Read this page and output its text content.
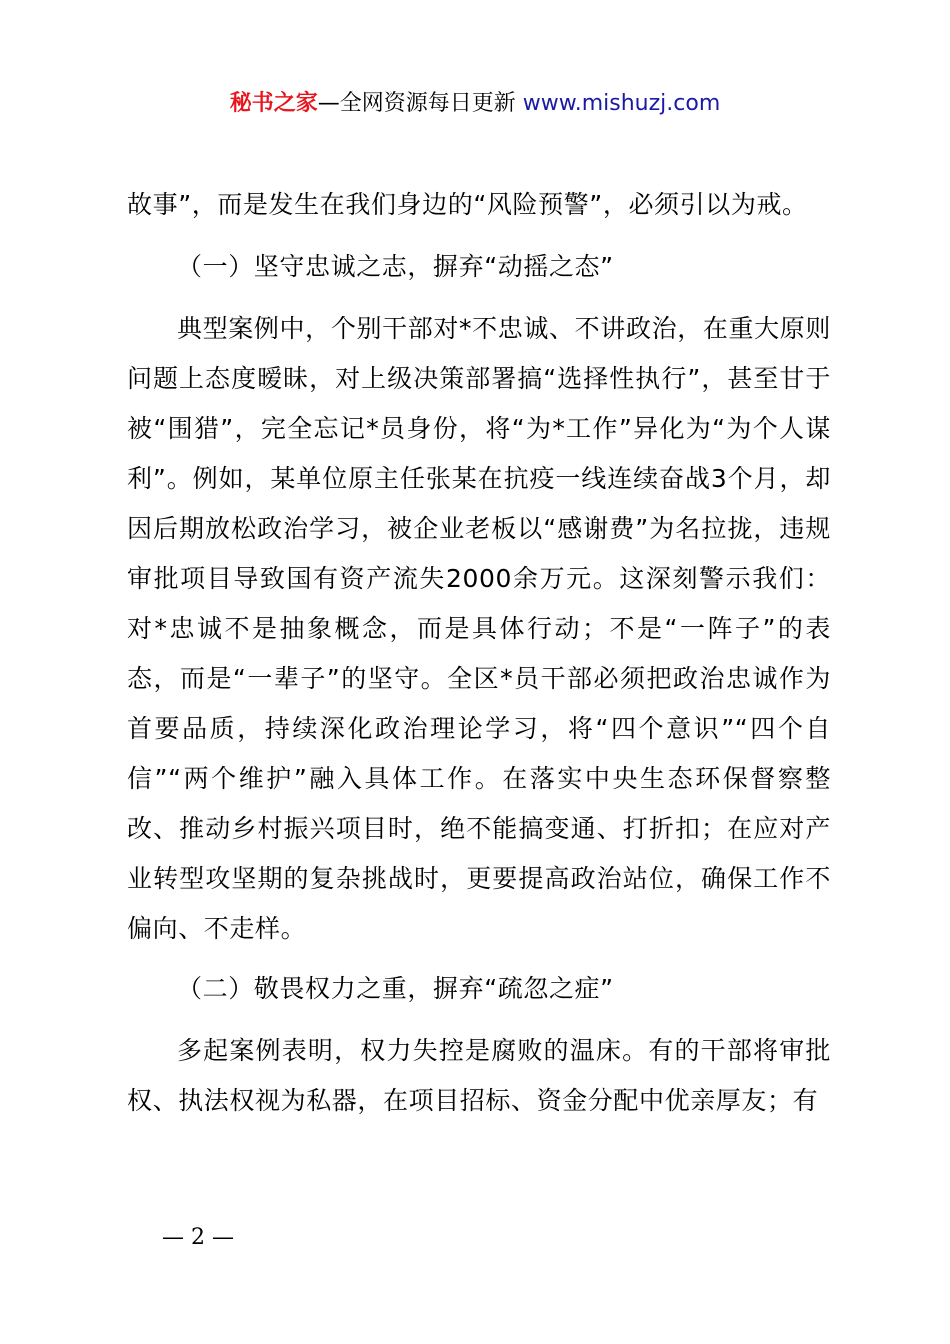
秘书之家—全网资源每日更新 www.mishuzj.com

故事”，而是发生在我们身边的“风险预警”，必须引以为戒。

（一）坚守忠诚之志，摒弃“动摇之态”

典型案例中，个别干部对*不忠诚、不讲政治，在重大原则问题上态度暧昧，对上级决策部署搞“选择性执行”，甚至甘于被“围猎”，完全忘记*员身份，将“为*工作”异化为“为个人谋利”。例如，某单位原主任张某在抗疫一线连续奋战3个月，却因后期放松政治学习，被企业老板以“感谢费”为名拉拢，违规审批项目导致国有资产流失2000余万元。这深刻警示我们：对*忠诚不是抽象概念，而是具体行动；不是“一阵子”的表态，而是“一辈子”的坚守。全区*员干部必须把政治忠诚作为首要品质，持续深化政治理论学习，将“四个意识”“四个自信”“两个维护”融入具体工作。在落实中央生态环保督察整改、推动乡村振兴项目时，绝不能搞变通、打折扣；在应对产业转型攻坚期的复杂挑战时，更要提高政治站位，确保工作不偏向、不走样。

（二）敬畏权力之重，摒弃“疏忽之症”

多起案例表明，权力失控是腐败的温床。有的干部将审批权、执法权视为私器，在项目招标、资金分配中优亲厚友；有

— 2 —
